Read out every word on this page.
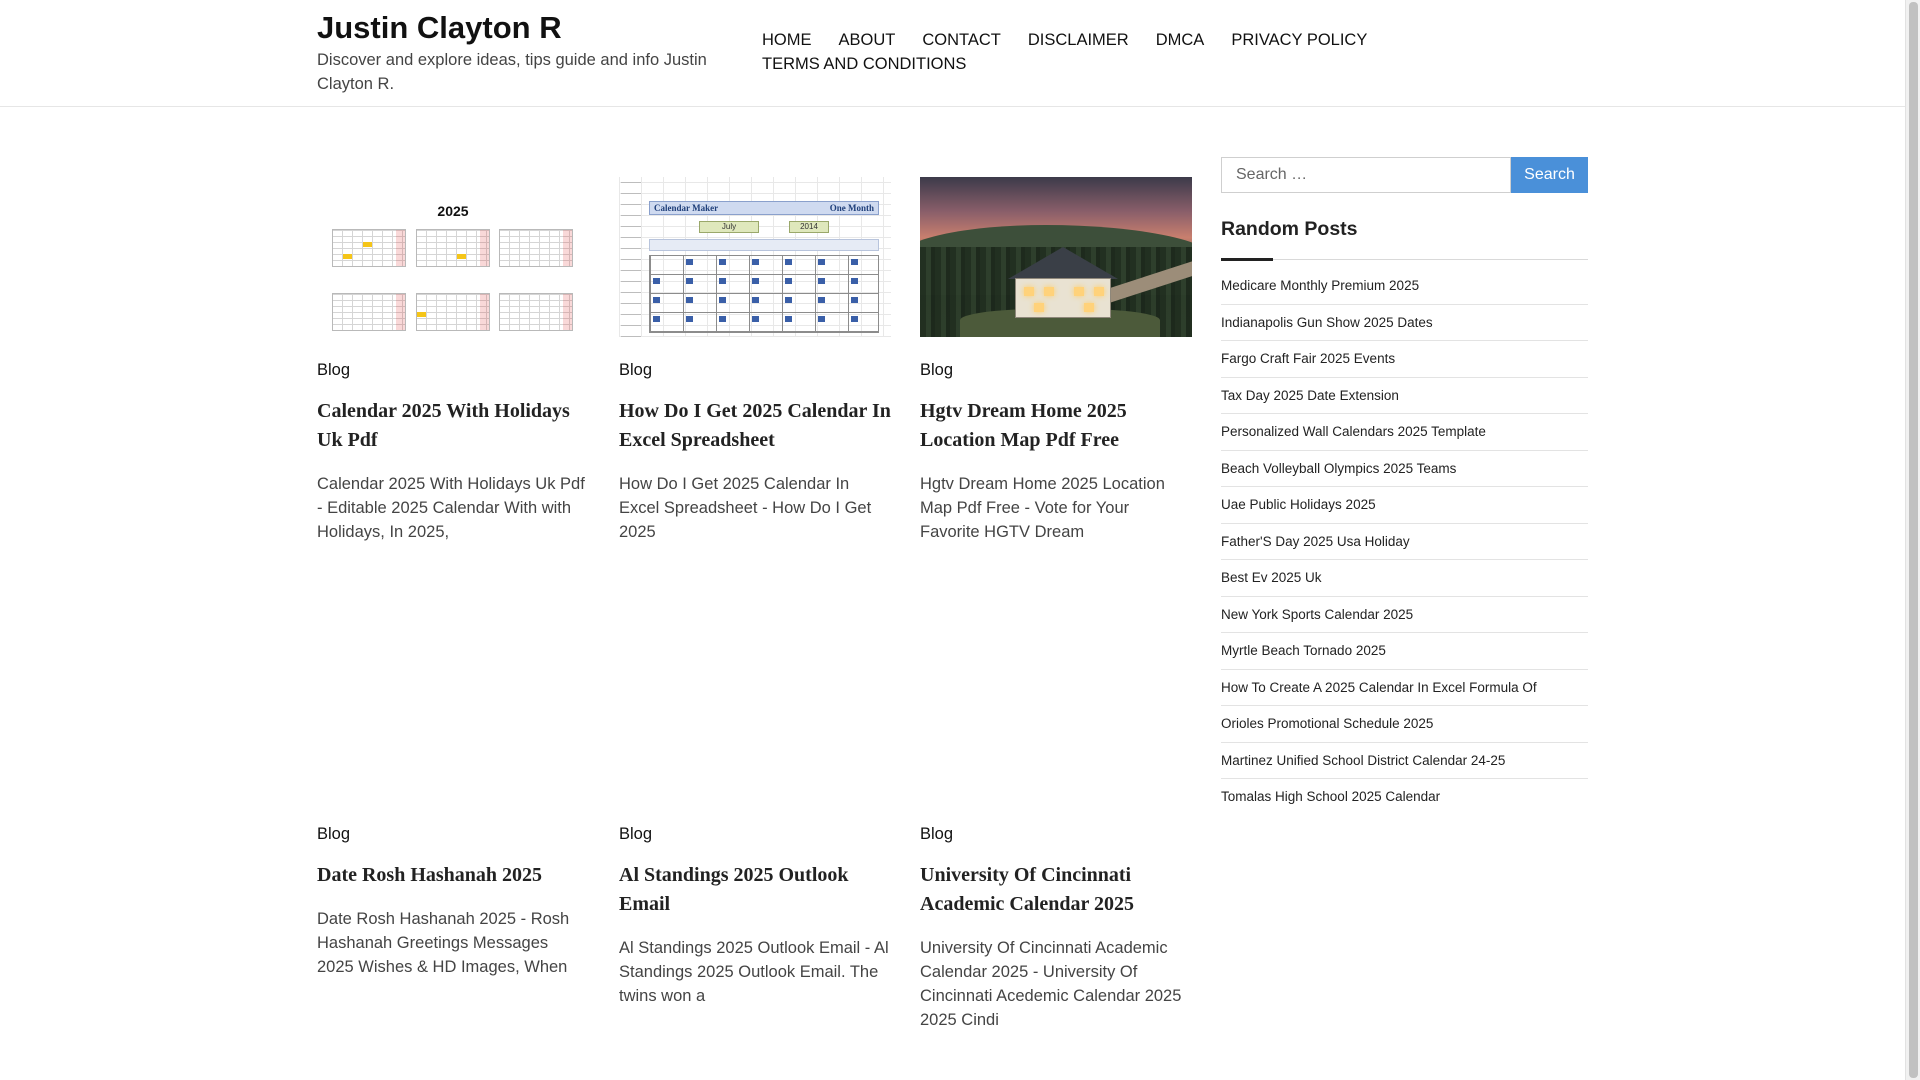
Justin Clayton R
Discover and explore ideas, tips guide and info Justin Clayton R.
HOME ABOUT CONTACT DISCLAIMER DMCA PRIVACY POLICYTERMS AND CONDITIONS
2025
Blog
Calendar 2025 With Holidays Uk Pdf

Calendar 2025 With Holidays Uk Pdf - Editable 2025 Calendar With with Holidays, In 2025,

Calendar Maker	One Month
July	2014
Blog
How Do I Get 2025 Calendar In Excel Spreadsheet

How Do I Get 2025 Calendar In Excel Spreadsheet - How Do I Get 2025

Blog
Hgtv Dream Home 2025 Location Map Pdf Free

Hgtv Dream Home 2025 Location Map Pdf Free - Vote for Your Favorite HGTV Dream

Blog
Date Rosh Hashanah 2025

Date Rosh Hashanah 2025 - Rosh Hashanah Greetings Messages 2025 Wishes & HD Images, When

Blog
Al Standings 2025 Outlook Email

Al Standings 2025 Outlook Email - Al Standings 2025 Outlook Email. The twins won a

Blog
University Of Cincinnati Academic Calendar 2025

University Of Cincinnati Academic Calendar 2025 - University Of Cincinnati Acedemic Calendar 2025 2025 Cindi

Search …
Search
Random Posts
Medicare Monthly Premium 2025
Indianapolis Gun Show 2025 Dates
Fargo Craft Fair 2025 Events
Tax Day 2025 Date Extension
Personalized Wall Calendars 2025 Template
Beach Volleyball Olympics 2025 Teams
Uae Public Holidays 2025
Father'S Day 2025 Usa Holiday
Best Ev 2025 Uk
New York Sports Calendar 2025
Myrtle Beach Tornado 2025
How To Create A 2025 Calendar In Excel Formula Of
Orioles Promotional Schedule 2025
Martinez Unified School District Calendar 24-25
Tomalas High School 2025 Calendar
